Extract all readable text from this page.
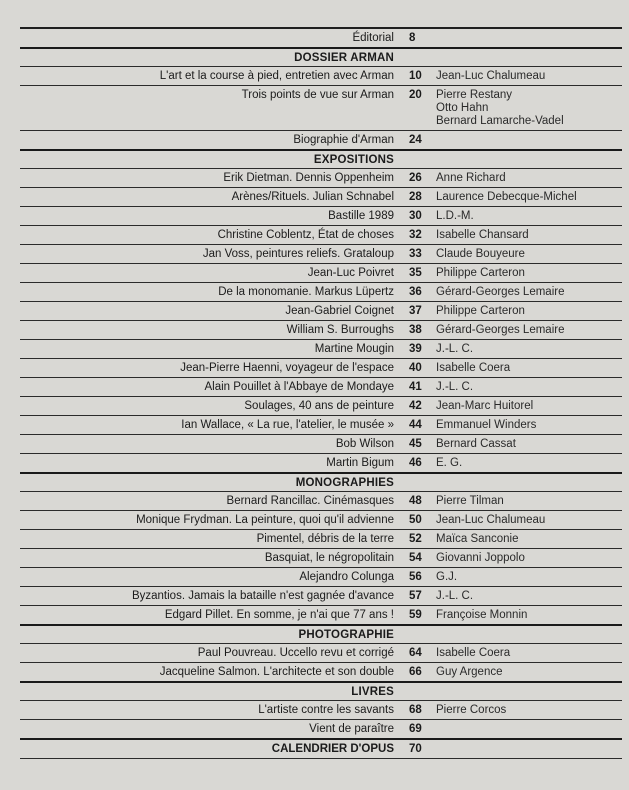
Éditorial	8
DOSSIER ARMAN
L'art et la course à pied, entretien avec Arman	10	Jean-Luc Chalumeau
Trois points de vue sur Arman	20	Pierre Restany
Otto Hahn
Bernard Lamarche-Vadel
Biographie d'Arman	24
EXPOSITIONS
Erik Dietman. Dennis Oppenheim	26	Anne Richard
Arènes/Rituels. Julian Schnabel	28	Laurence Debecque-Michel
Bastille 1989	30	L.D.-M.
Christine Coblentz, État de choses	32	Isabelle Chansard
Jan Voss, peintures reliefs. Grataloup	33	Claude Bouyeure
Jean-Luc Poivret	35	Philippe Carteron
De la monomanie. Markus Lüpertz	36	Gérard-Georges Lemaire
Jean-Gabriel Coignet	37	Philippe Carteron
William S. Burroughs	38	Gérard-Georges Lemaire
Martine Mougin	39	J.-L. C.
Jean-Pierre Haenni, voyageur de l'espace	40	Isabelle Coera
Alain Pouillet à l'Abbaye de Mondaye	41	J.-L. C.
Soulages, 40 ans de peinture	42	Jean-Marc Huitorel
Ian Wallace, « La rue, l'atelier, le musée »	44	Emmanuel Winders
Bob Wilson	45	Bernard Cassat
Martin Bigum	46	E. G.
MONOGRAPHIES
Bernard Rancillac. Cinémasques	48	Pierre Tilman
Monique Frydman. La peinture, quoi qu'il advienne	50	Jean-Luc Chalumeau
Pimentel, débris de la terre	52	Maïca Sanconie
Basquiat, le négropolitain	54	Giovanni Joppolo
Alejandro Colunga	56	G.J.
Byzantios. Jamais la bataille n'est gagnée d'avance	57	J.-L. C.
Edgard Pillet. En somme, je n'ai que 77 ans !	59	Françoise Monnin
PHOTOGRAPHIE
Paul Pouvreau. Uccello revu et corrigé	64	Isabelle Coera
Jacqueline Salmon. L'architecte et son double	66	Guy Argence
LIVRES
L'artiste contre les savants	68	Pierre Corcos
Vient de paraître	69
CALENDRIER D'OPUS	70
